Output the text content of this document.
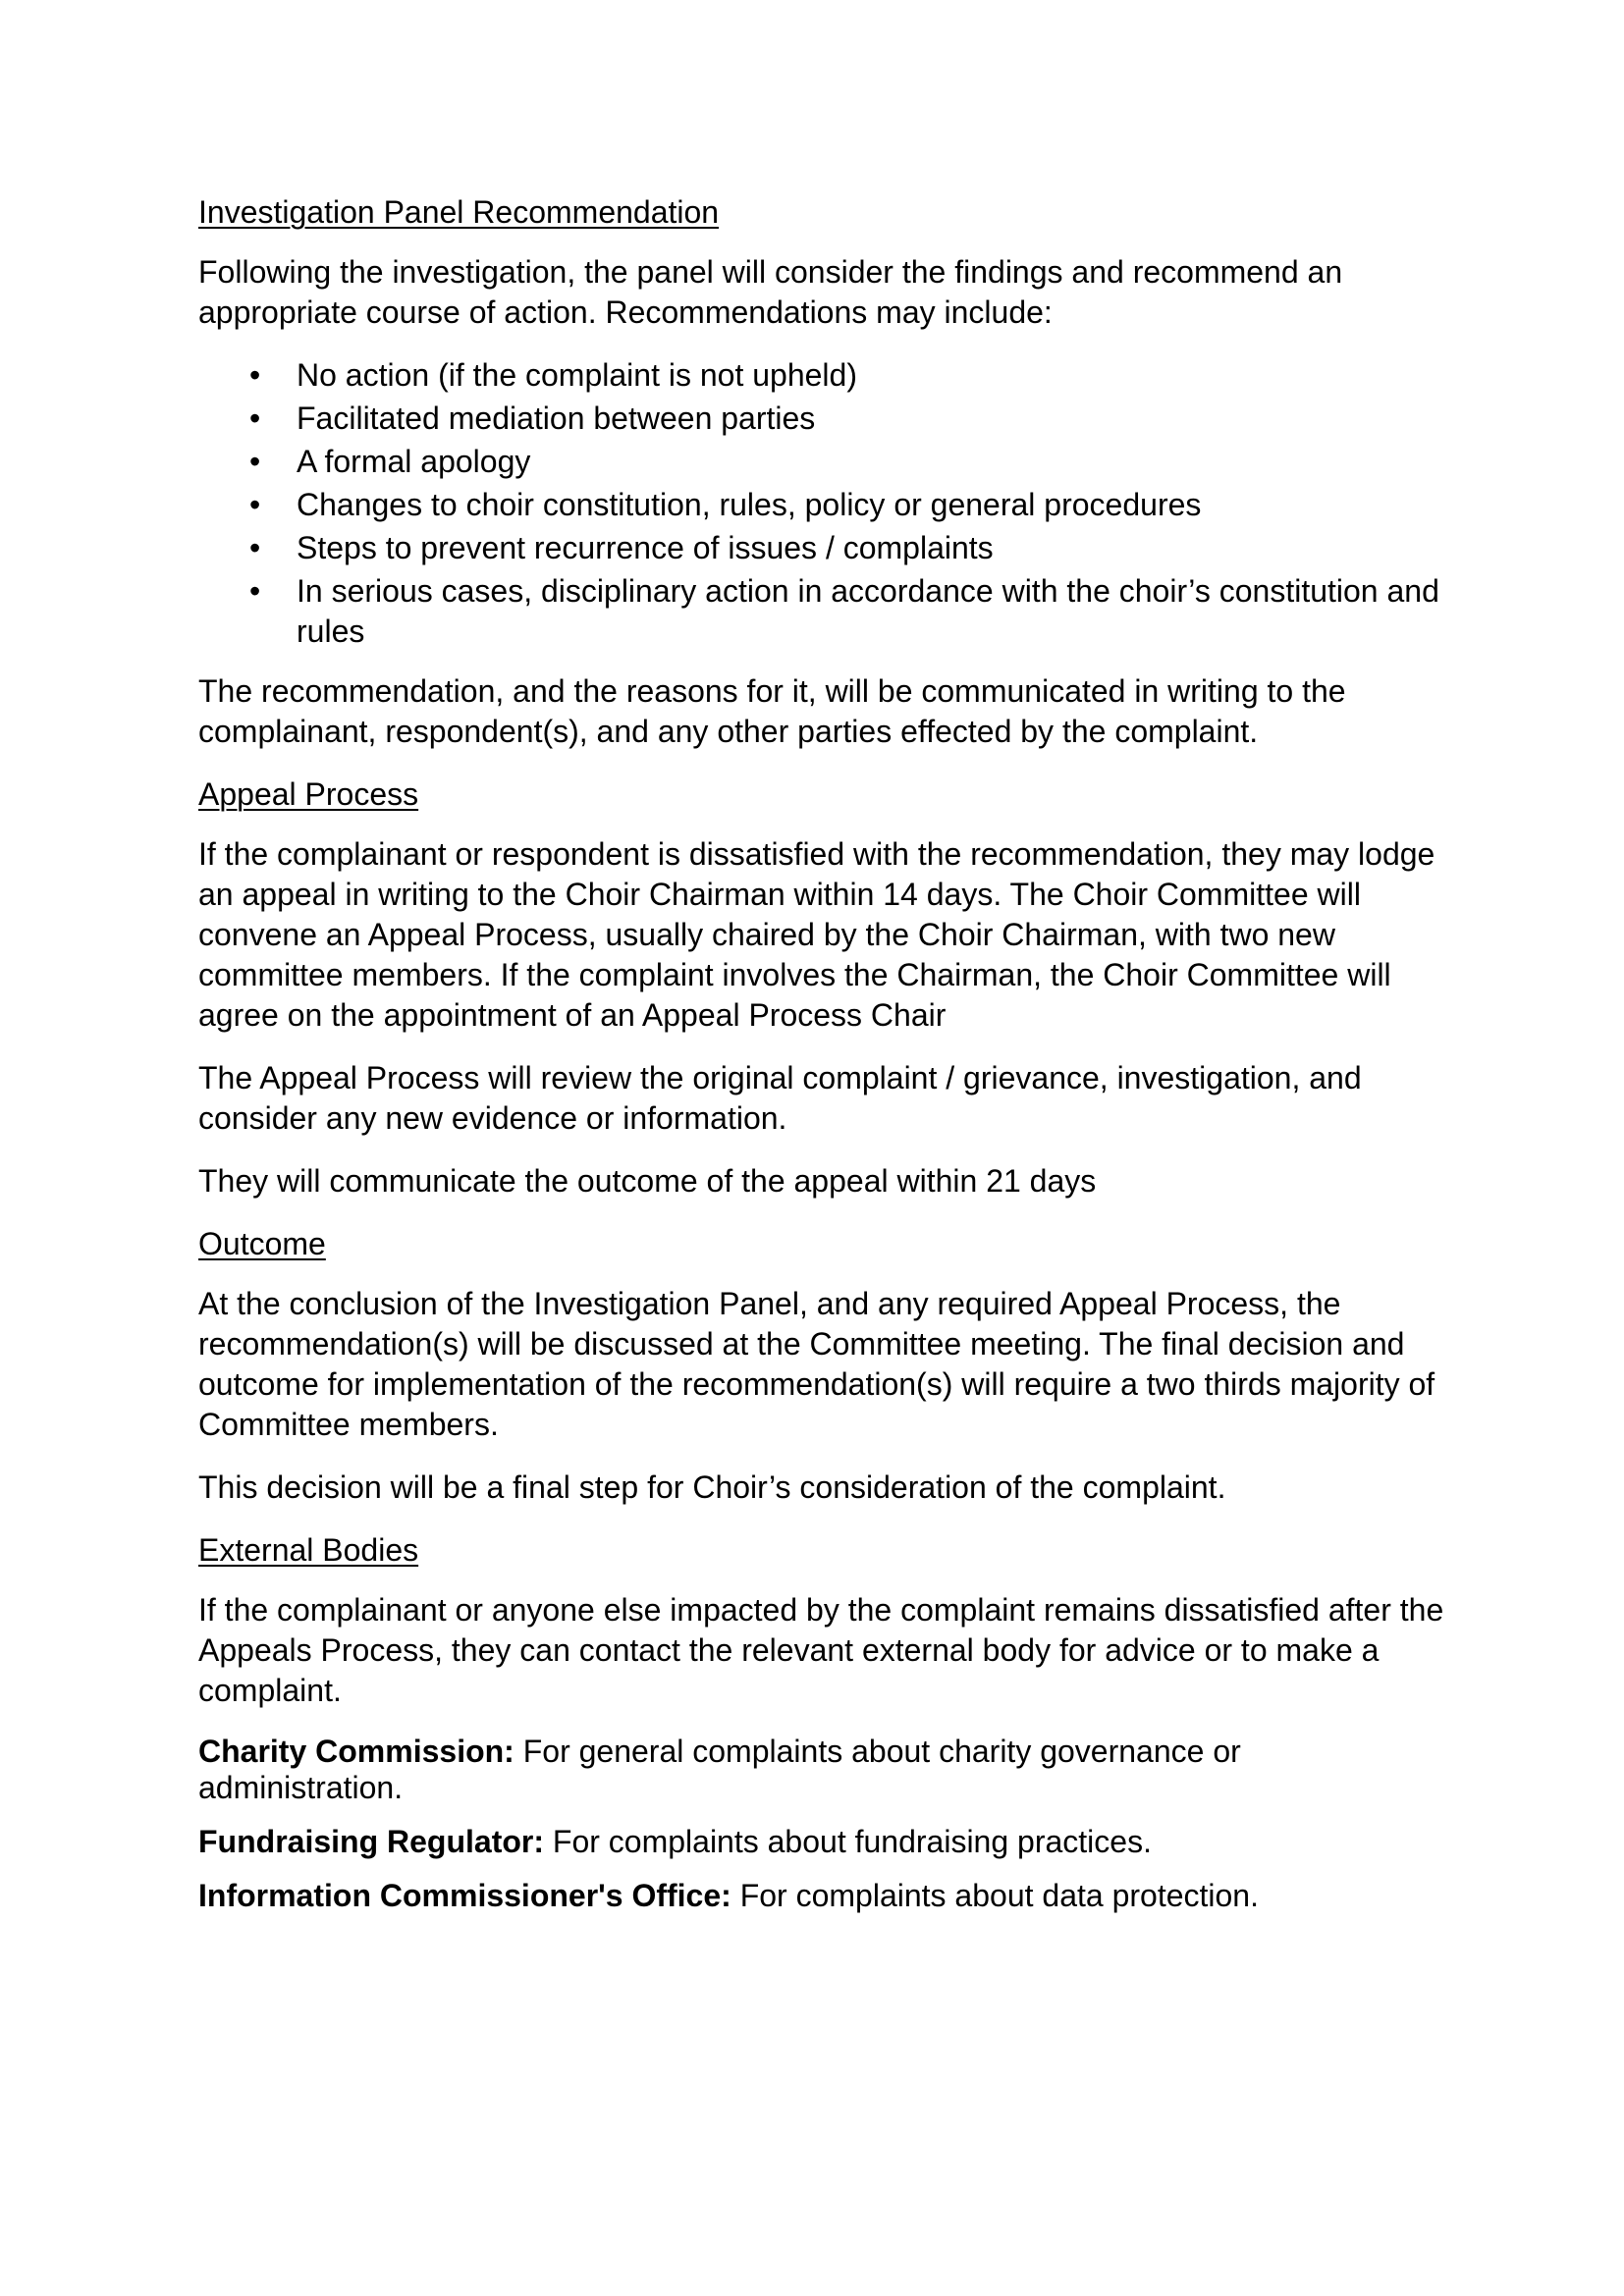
Investigation Panel Recommendation

Following the investigation, the panel will consider the findings and recommend an appropriate course of action. Recommendations may include:

• No action (if the complaint is not upheld)
• Facilitated mediation between parties
• A formal apology
• Changes to choir constitution, rules, policy or general procedures
• Steps to prevent recurrence of issues / complaints
• In serious cases, disciplinary action in accordance with the choir’s constitution and rules

The recommendation, and the reasons for it, will be communicated in writing to the complainant, respondent(s), and any other parties effected by the complaint.

Appeal Process

If the complainant or respondent is dissatisfied with the recommendation, they may lodge an appeal in writing to the Choir Chairman within 14 days. The Choir Committee will convene an Appeal Process, usually chaired by the Choir Chairman, with two new committee members. If the complaint involves the Chairman, the Choir Committee will agree on the appointment of an Appeal Process Chair

The Appeal Process will review the original complaint / grievance, investigation, and consider any new evidence or information.

They will communicate the outcome of the appeal within 21 days

Outcome

At the conclusion of the Investigation Panel, and any required Appeal Process, the recommendation(s) will be discussed at the Committee meeting. The final decision and outcome for implementation of the recommendation(s) will require a two thirds majority of Committee members.

This decision will be a final step for Choir’s consideration of the complaint.

External Bodies

If the complainant or anyone else impacted by the complaint remains dissatisfied after the Appeals Process, they can contact the relevant external body for advice or to make a complaint.

Charity Commission: For general complaints about charity governance or administration.
Fundraising Regulator: For complaints about fundraising practices.
Information Commissioner's Office: For complaints about data protection.
